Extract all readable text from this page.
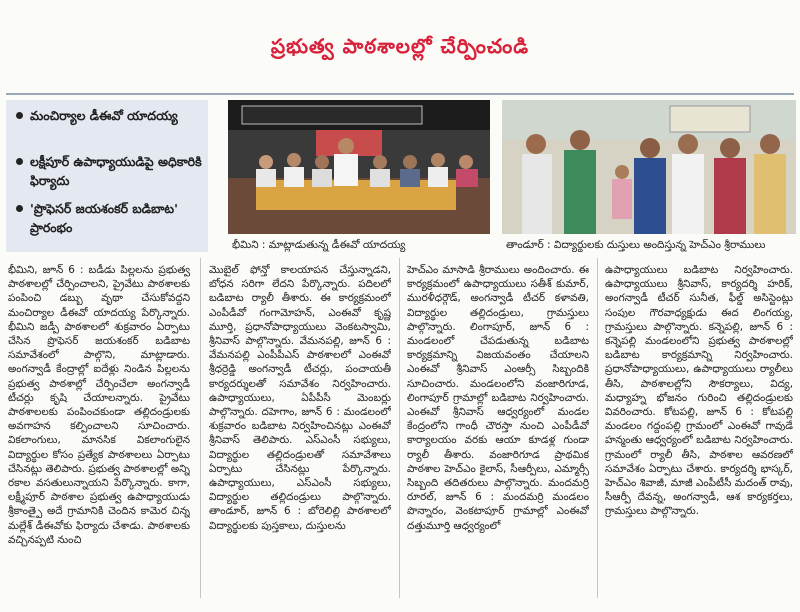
ప్రభుత్వ పాఠశాలల్లో చేర్పించండి
మంచిర్యాల డీఈవో యాదయ్య
లక్షీపూర్ ఉపాధ్యాయుడిపై అధికారికి ఫిర్యాదు
'ప్రొఫెసర్ జయశంకర్ బడిబాట' ప్రారంభం
భీమిని : మాట్లాడుతున్న డీఈవో యాదయ్య	తాండూర్ : విద్యార్థులకు దుస్తులు అందిస్తున్న హెచ్ఎం శ్రీరాములు

భీమిని, జూన్ 6 : బడీడు పిల్లలను ప్రభుత్వ పాఠశాలల్లో చేర్పించాలని, ప్రైవేటు పాఠశాలకు పంపించి డబ్బు వృథా చేసుకోవద్దని మంచిర్యాల డీఈవో యాదయ్య పేర్కొన్నారు. భీమిని జడ్పీ పాఠశాలలో శుక్రవారం ఏర్పాటు చేసిన ప్రొఫెసర్ జయశంకర్ బడిబాట సమావేశంలో పాల్గొని, మాట్లాడారు. అంగన్వాడీ కేంద్రాల్లో ఐదేళ్లు నిండిన పిల్లలను ప్రభుత్వ పాఠశాల్లో చేర్పించేలా అంగన్వాడీ టీచర్లు కృషి చేయాలన్నారు. ప్రైవేటు పాఠశాలలకు పంపించకుండా తల్లిదండ్రులకు అవగాహన కల్పించాలని సూచించారు. వికలాంగులు, మానసిక వికలాంగులైన విద్యార్థుల కోసం ప్రత్యేక పాఠశాలలు ఏర్పాటు చేసినట్లు తెలిపారు. ప్రభుత్వ పాఠశాలల్లో అన్ని రకాల వసతులున్నాయని పేర్కొన్నారు. కాగా, లక్ష్మీపూర్ పాఠశాల ప్రభుత్వ ఉపాధ్యాయుడు శ్రీకాంత్పై అదే గ్రామానికి చెందిన కామెర చిన్న మల్లేశ్ డీఈవోకు ఫిర్యాదు చేశాడు. పాఠశాలకు వచ్చినప్పటి నుంచి

మొబైల్ ఫోన్తో కాలయాపన చేస్తున్నాడని, బోధన సరిగా లేదని పేర్కొన్నారు. పదిలలో బడిబాట ర్యాలీ తీశారు. ఈ కార్యక్రమంలో ఎంపీడీవో గంగామోహన్, ఎంఈవో కృష్ణ మూర్తి, ప్రధానోపాధ్యాయులు వెంకటస్వామి, శ్రీనివాస్ పాల్గొన్నారు. వేమనపల్లి, జూన్ 6 : వేమనపల్లి ఎంపీపీఎస్ పాఠశాలలో ఎంఈవో శ్రీధర్రెడ్డి అంగన్వాడీ టీచర్లు, పంచాయతీ కార్యదర్శులతో సమావేశం నిర్వహించారు. ఉపాధ్యాయులు, ఏపీపీసీ మెంబర్లు పాల్గొన్నారు. దహెగాం, జూన్ 6 : మండలంలో శుక్రవారం బడిబాట నిర్వహించినట్లు ఎంఈవో శ్రీనివాస్ తెలిపారు. ఎస్ఎంసీ సభ్యులు, విద్యార్థుల తల్లిదండ్రులతో సమావేశాలు ఏర్పాటు చేసినట్లు పేర్కొన్నారు. ఉపాధ్యాయులు, ఎస్ఎంసీ సభ్యులు, విద్యార్థుల తల్లిదండ్రులు పాల్గొన్నారు. తాండూర్, జూన్ 6 : బోరెలిల్లి పాఠశాలలో విద్యార్థులకు పుస్తకాలు, దుస్తులను

హెచ్ఎం మాసాడి శ్రీరాములు అందించారు. ఈ కార్యక్రమంలో ఉపాధ్యాయులు సతీశ్ కుమార్, మురళీధర్గౌడ్, అంగన్వాడీ టీచర్ కళావతి, విద్యార్థుల తల్లిదండ్రులు, గ్రామస్తులు పాల్గొన్నారు. లింగాపూర్, జూన్ 6 : మండలంలో చేపడుతున్న బడిబాట కార్యక్రమాన్ని విజయవంతం చేయాలని ఎంఈవో శ్రీనివాస్ ఎంఆర్సీ సిబ్బందికి సూచించారు. మండలంలోని వంజారిగూడ, లింగాపూర్ గ్రామాల్లో బడిబాట నిర్వహించారు. ఎంఈవో శ్రీనివాస్ ఆధ్వర్యంలో మండల కేంద్రంలోని గాంధీ చౌరస్తా నుంచి ఎంపీడీవో కార్యాలయం వరకు ఆయా కూడళ్ల గుండా ర్యాలీ తీశారు. వంజారిగూడ ప్రాథమిక పాఠశాల హెచ్ఎం కైలాస్, సీఆర్పీలు, ఎమ్మార్సీ సిబ్బంది తదితరులు పాల్గొన్నారు. మందమర్రి రూరల్, జూన్ 6 : మందమర్రి మండలం పొన్నారం, వెంకటాపూర్ గ్రామాల్లో ఎంఈవో దత్తుమూర్తి ఆధ్వర్యంలో

ఉపాధ్యాయులు బడిబాట నిర్వహించారు. ఉపాధ్యాయులు శ్రీనివాస్, కార్యదర్శి హరిక్, అంగన్వాడీ టీచర్ సునీత, ఫీల్డ్ అసిస్టెంట్లు సంపుల గౌరవాధ్యక్షుడు ఈద లింగయ్య, గ్రామస్తులు పాల్గొన్నారు. కన్నెపల్లి, జూన్ 6 : కన్నెపల్లి మండలంలోని ప్రభుత్వ పాఠశాలల్లో బడిబాట కార్యక్రమాన్ని నిర్వహించారు. ప్రధానోపాధ్యాయులు, ఉపాధ్యాయులు ర్యాలీలు తీసి, పాఠశాలల్లోని సౌకర్యాలు, విద్య, మధ్యాహ్న భోజనం గురించి తల్లిదండ్రులకు వివరించారు. కోటపల్లి, జూన్ 6 : కోటపల్లి మండలం గద్దంపల్లి గ్రామంలో ఎంఈవో గావుడే హన్మంతు ఆధ్వర్యంలో బడిబాట నిర్వహించారు. గ్రామంలో ర్యాలీ తీసి, పాఠశాల ఆవరణలో సమావేశం ఏర్పాటు చేశారు. కార్యదర్శి భాస్కర్, హెచ్ఎం శివాజీ, మాజీ ఎంపీటీసీ మదంత్ రావు, సీఆర్పీ దేవన్న, అంగన్వాడీ, ఆశ కార్యకర్తలు, గ్రామస్తులు పాల్గొన్నారు.
